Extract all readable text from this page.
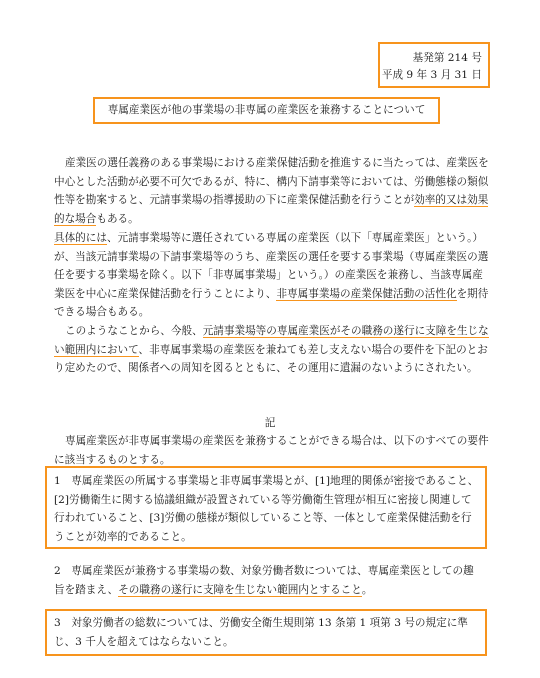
基発第 214 号
平成 9 年 3 月 31 日
専属産業医が他の事業場の非専属の産業医を兼務することについて

産業医の選任義務のある事業場における産業保健活動を推進するに当たっては、産業医を中心とした活動が必要不可欠であるが、特に、構内下請事業等においては、労働態様の類似性等を勘案すると、元請事業場の指導援助の下に産業保健活動を行うことが効率的又は効果的な場合もある。

具体的には、元請事業場等に選任されている専属の産業医（以下「専属産業医」という。）が、当該元請事業場の下請事業場等のうち、産業医の選任を要する事業場（専属産業医の選任を要する事業場を除く。以下「非専属事業場」という。）の産業医を兼務し、当該専属産業医を中心に産業保健活動を行うことにより、非専属事業場の産業保健活動の活性化を期待できる場合もある。

このようなことから、今般、元請事業場等の専属産業医がその職務の遂行に支障を生じない範囲内において、非専属事業場の産業医を兼ねても差し支えない場合の要件を下記のとおり定めたので、関係者への周知を図るとともに、その運用に遺漏のないようにされたい。

記

専属産業医が非専属事業場の産業医を兼務することができる場合は、以下のすべての要件に該当するものとする。

1　専属産業医の所属する事業場と非専属事業場とが、[1]地理的関係が密接であること、[2]労働衛生に関する協議組織が設置されている等労働衛生管理が相互に密接し関連して行われていること、[3]労働の態様が類似していること等、一体として産業保健活動を行うことが効率的であること。

2　専属産業医が兼務する事業場の数、対象労働者数については、専属産業医としての趣旨を踏まえ、その職務の遂行に支障を生じない範囲内とすること。

3　対象労働者の総数については、労働安全衛生規則第 13 条第 1 項第 3 号の規定に準じ、3 千人を超えてはならないこと。
